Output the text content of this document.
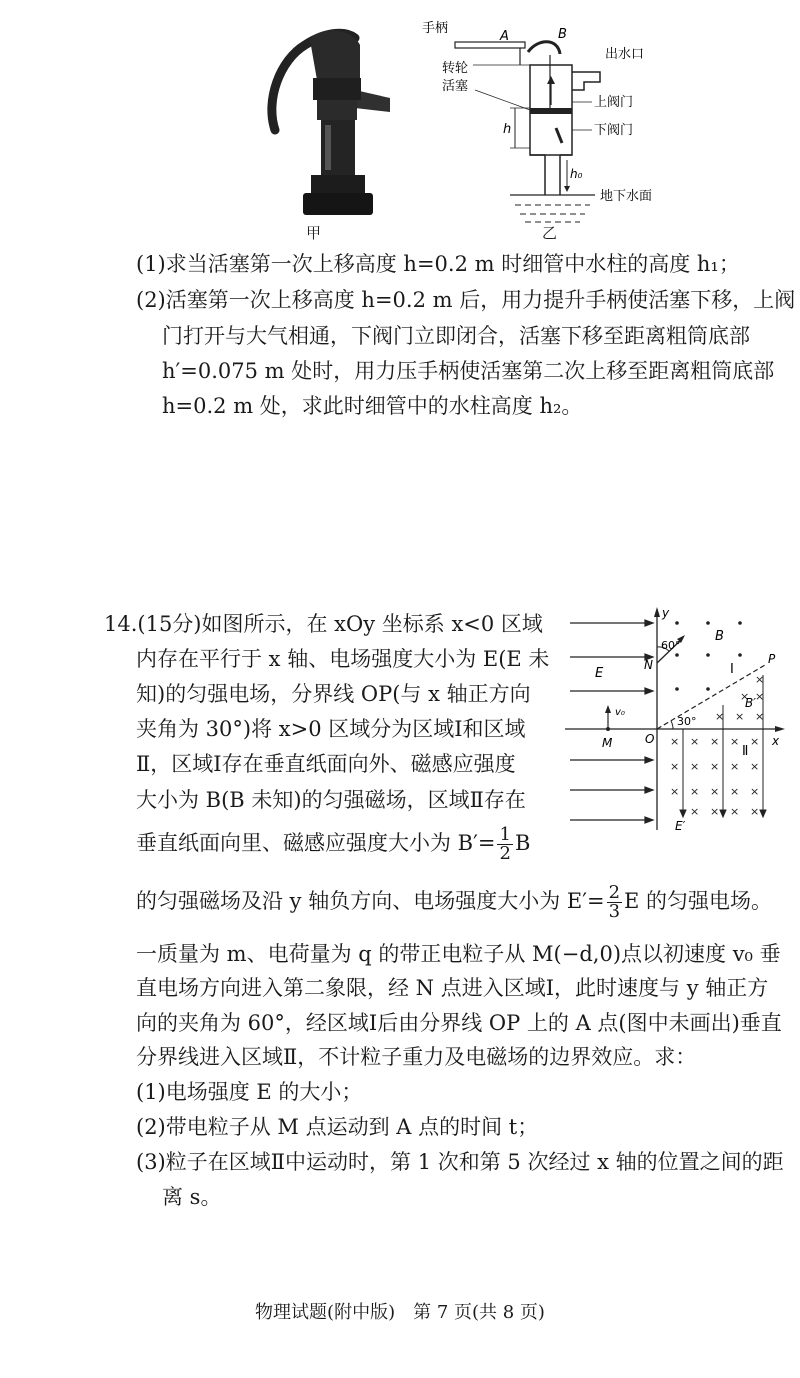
甲
手柄
A	B
出水口
转轮
活塞
上阀门
下阀门
h
h₀
地下水面
乙
(1)求当活塞第一次上移高度 h=0.2 m 时细管中水柱的高度 h₁；
(2)活塞第一次上移高度 h=0.2 m 后，用力提升手柄使活塞下移，上阀
门打开与大气相通，下阀门立即闭合，活塞下移至距离粗筒底部
h′=0.075 m 处时，用力压手柄使活塞第二次上移至距离粗筒底部
h=0.2 m 处，求此时细管中的水柱高度 h₂。
14.(15分)如图所示，在 xOy 坐标系 x<0 区域
内存在平行于 x 轴、电场强度大小为 E(E 未
知)的匀强电场，分界线 OP(与 x 轴正方向
夹角为 30°)将 x>0 区域分为区域Ⅰ和区域
Ⅱ，区域Ⅰ存在垂直纸面向外、磁感应强度
大小为 B(B 未知)的匀强磁场，区域Ⅱ存在
垂直纸面向里、磁感应强度大小为 $B'= \frac{1}{2}$ B
的匀强磁场及沿 y 轴负方向、电场强度大小为 $E'= \frac{2}{3}$ E 的匀强电场。
一质量为 m、电荷量为 q 的带正电粒子从 M(−d,0)点以初速度 v₀ 垂
直电场方向进入第二象限，经 N 点进入区域Ⅰ，此时速度与 y 轴正方
向的夹角为 60°，经区域Ⅰ后由分界线 OP 上的 A 点(图中未画出)垂直
分界线进入区域Ⅱ，不计粒子重力及电磁场的边界效应。求：
(1)电场强度 E 的大小；
(2)带电粒子从 M 点运动到 A 点的时间 t；
(3)粒子在区域Ⅱ中运动时，第 1 次和第 5 次经过 x 轴的位置之间的距
离 s。
× × × × ×
× × × × ×
× × × × ×
× × ×
× ×
×
× × × ×
y
x
O
N
M
P
E
B
B′
E′
v₀
60°
30°
Ⅰ
Ⅱ
物理试题(附中版)　第 7 页(共 8 页)
